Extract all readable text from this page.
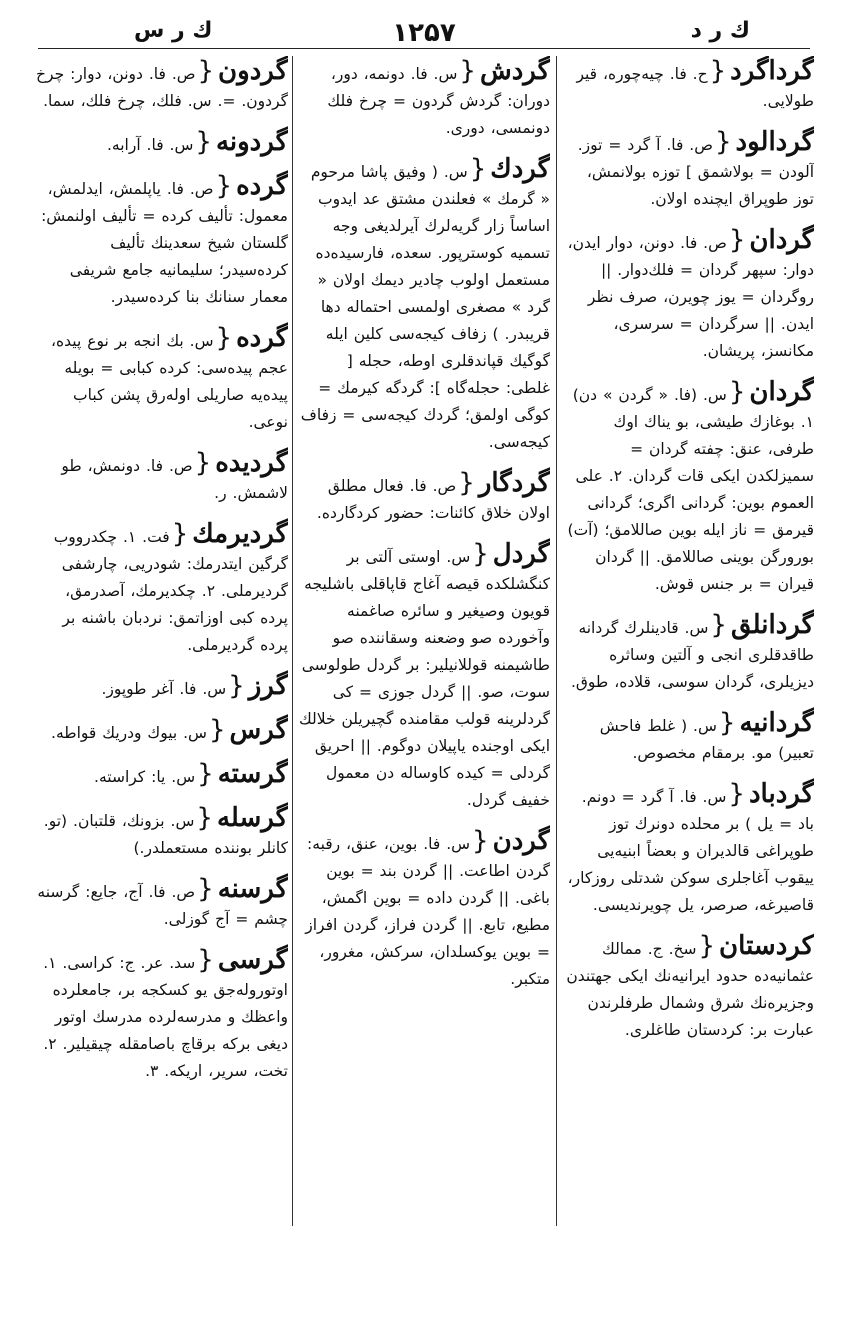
ك ر س	۱۲۵۷	ك ر د
گرداگرد{ح. فا. چيه‌چوره، قير طولايى.
گردالود{ص. فا. آ گرد = توز. آلودن = بولاشمق ] توزه بولانمش، توز طوپراق ايچنده اولان.
گردان{ص. فا. دونن، دوار ايدن، دوار: سپهر گردان = فلك‌دوار. || روگردان = يوز چويرن، صرف نظر ايدن. || سرگردان = سرسرى، مكانسز، پريشان.
گردان{س. (فا. « گردن » دن) ۱. بوغازك طيشى، بو يناك اوك طرفى، عنق: چفته گردان = سميزلكدن ايكى قات گردان. ۲. على العموم بوين: گردانى اگرى؛ گردانى قيرمق = ناز ايله بوين صاللامق؛ (آت) بورورگن بوينى صاللامق. || گردان قيران = بر جنس قوش.
گردانلق{س. قادينلرك گردانه طاقدقلرى انجى و آلتين وساثره ديزيلرى، گردان سوسى، قلاده، طوق.
گردانيه{س. ( غلط فاحش تعبير) مو. برمقام مخصوص.
گردباد{س. فا. آ گرد = دونم. باد = يل ) بر محلده دونرك توز طوپراغى قالديران و بعضاً ابنيه‌يى ييقوب آغاجلرى سوكن شدتلى روزكار، قاصيرغه، صرصر، يل چويرنديسى.
كردستان{سخ. ج. ممالك عثمانيه‌ده حدود ايرانيه‌نك ايكى جهتندن وجزيره‌نك شرق وشمال طرفلرندن عبارت بر: كردستان طاغلرى.
گردش{س. فا. دونمه، دور، دوران: گردش گردون = چرخ فلك دونمسى، دورى.
گردك{س. ( وفيق پاشا مرحوم « گرمك » فعلندن مشتق عد ايدوب اساساً زار گريه‌لرك آيرلديغى وجه تسميه كوسترپور. سعده، فارسيده‌ده مستعمل اولوب چادير ديمك اولان « گرد » مصغرى اولمسى احتماله دها قريبدر. ) زفاف كيجه‌سى كلين ايله گوگيك قپاندقلرى اوطه، حجله [ غلطى: حجله‌گاه ]: گردگه كيرمك = كوگى اولمق؛ گردك كيجه‌سى = زفاف كيجه‌سى.
گردگار{ص. فا. فعال مطلق اولان خلاق كائنات: حضور كردگارده.
گردل{س. اوستى آلتى بر كنگشلكده قيصه آغاج قاپاقلى باشليجه قويون وصيغير و سائره صاغمنه وآخورده صو وضعنه وسقاننده صو طاشيمنه قوللانيلير: بر گردل طولوسى سوت، صو. || گردل جوزى = كى گردلرينه قولب مقامنده گچيريلن خلالك ايكى اوجنده ياپيلان دوگوم. || احريق گردلى = كيده كاوساله دن معمول خفيف گردل.
گردن{س. فا. بوين، عنق، رقبه: گردن اطاعت. || گردن بند = بوين باغى. || گردن داده = بوين اگمش، مطيع، تابع. || گردن فراز، گردن افراز = بوين يوكسلدان، سركش، مغرور، متكبر.
گردون{ص. فا. دونن، دوار: چرخ گردون. =. س. فلك، چرخ فلك، سما.
گردونه{س. فا. آرابه.
گرده{ص. فا. ياپلمش، ايدلمش، معمول: تأليف كرده = تأليف اولنمش: گلستان شيخ سعدينك تأليف كرده‌سيدر؛ سليمانيه جامع شريفى معمار سنانك بنا كرده‌سيدر.
گرده{س. بك انجه بر نوع پيده، عجم پيده‌سى: كرده كبابى = بويله پيده‌يه صاريلى اولەرق پشن كباب نوعى.
گرديده{ص. فا. دونمش، طو لاشمش. ر.
گرديرمك{فت. ۱. چكدرووب گرگين ايتدرمك: شودريى، چارشفى گرديرملى. ۲. چكديرمك، آصدرمق، پرده كبى اوزاتمق: نردبان باشنه بر پرده گرديرملى.
گرز{س. فا. آغر طوپوز.
گرس{س. بيوك ودريك قواطه.
گرسته{س. يا: كراسته.
گرسله{س. بزونك، قلتبان. (تو. كانلر بوننده مستعملدر.)
گرسنه{ص. فا. آج، جايع: گرسنه چشم = آج گوزلى.
گرسى{سد. عر. ج: كراسى. ۱. اوتوروله‌جق يو كسكجه بر، جامعلرده واعظك و مدرسه‌لرده مدرسك اوتور ديغى بركه برقاچ باصامقله چيقيلير. ۲. تخت، سرير، اريكه. ۳.
